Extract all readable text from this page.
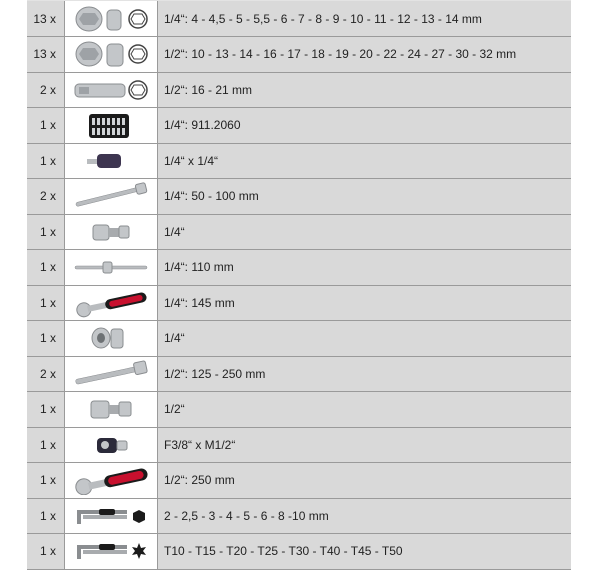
13 x	1/4“: 4 - 4,5 - 5 - 5,5 - 6 - 7 - 8 - 9 - 10 - 11 - 12 - 13 - 14 mm
13 x	1/2“: 10 - 13 - 14 - 16 - 17 - 18 - 19 - 20 - 22 - 24 - 27 - 30 - 32 mm
2 x	1/2“: 16 - 21 mm
1 x	1/4“: 911.2060
1 x	1/4“ x 1/4“
2 x	1/4“: 50 - 100 mm
1 x	1/4“
1 x	1/4“: 110 mm
1 x	1/4“: 145 mm
1 x	1/4“
2 x	1/2“: 125 - 250 mm
1 x	1/2“
1 x	F3/8“ x M1/2“
1 x	1/2“: 250 mm
1 x	2 - 2,5 - 3 - 4 - 5 - 6 - 8 -10 mm
1 x	T10 - T15 - T20 - T25 - T30 - T40 - T45 - T50
